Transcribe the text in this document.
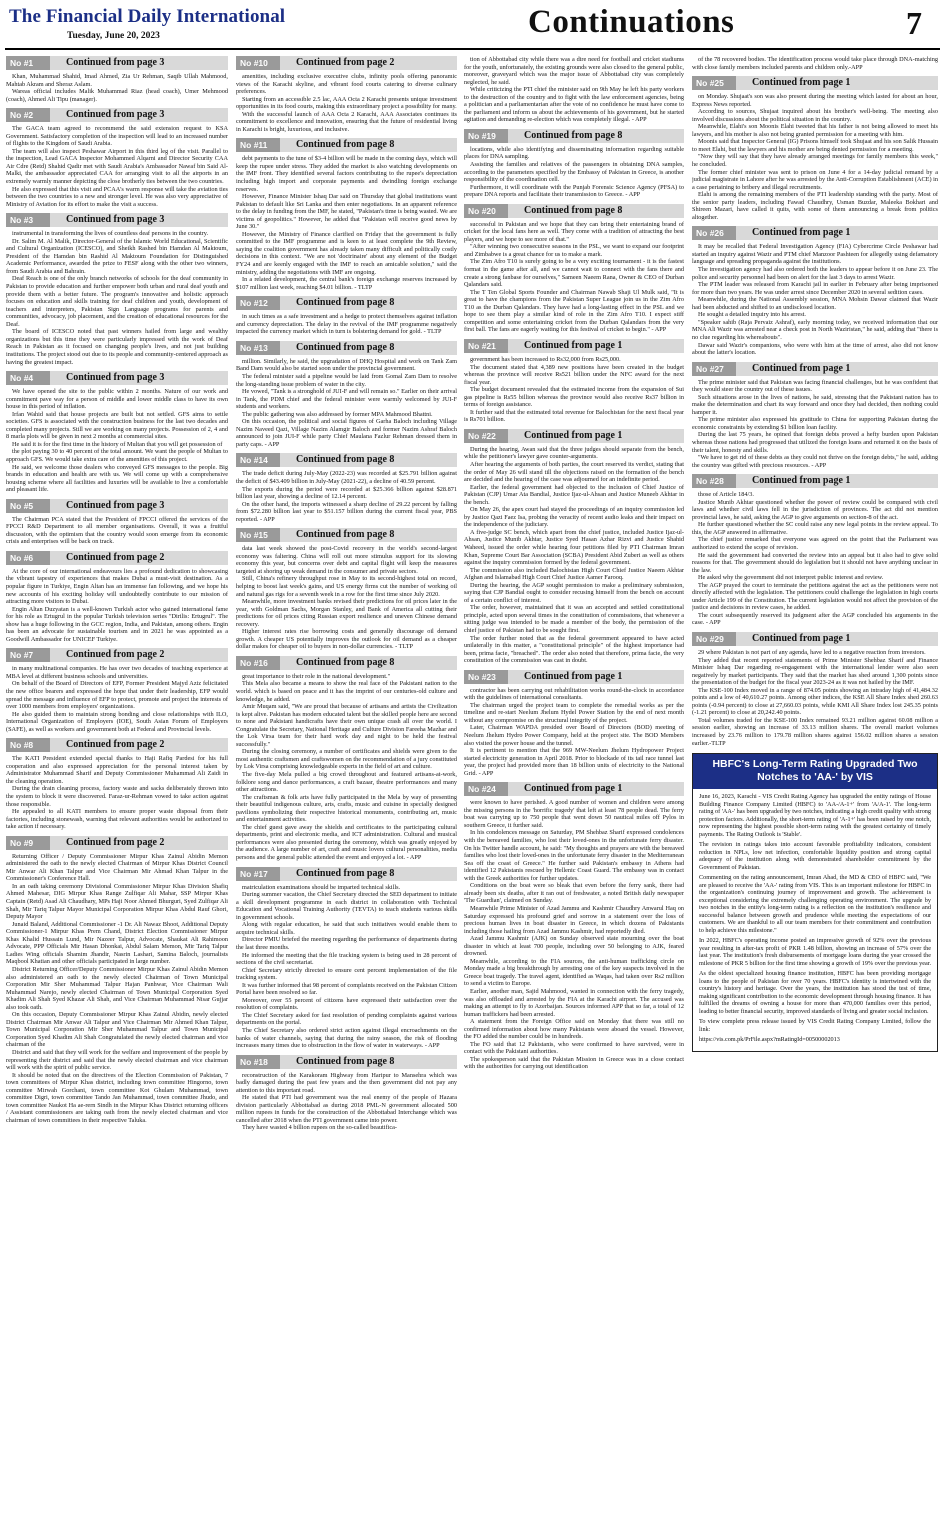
The Financial Daily International
Tuesday, June 20, 2023	Continuations	7
No #1	Continued from page 3

Khan, Muhammad Shahid, Imad Ahmed, Zia Ur Rehman, Saqib Ullah Mahmood, Mahtab Akram and Sheraz Aslam.

Wareas official includes Malik Muhammad Riaz (head coach), Umer Mehmood (coach), Ahmed Ali Tipu (manager).

No #2	Continued from page 3

The GACA team agreed to recommend the said extension request to KSA Government. Satisfactory completion of the inspection will lead to an increased number of flights to the Kingdom of Saudi Arabia.

The team will also inspect Peshawar Airport in this third leg of the visit. Parallel to the inspection, Lead GACA Inspector Mohammed Alqarni and Director Security CAA Air Cdre (Retd) Shahid Qadir met with Saudi Arabia's Ambassador Nawaf bin Said Al-Malki, the ambassador appreciated CAA for arranging visit to all the airports in an extremely warmly manner depicting the close brotherly ties between the two countries.

He also expressed that this visit and PCAA's warm response will take the aviation ties between the two countries to a new and stronger level. He was also very appreciative of Ministry of Aviation for its effort to make the visit a success.

No #3	Continued from page 3

instrumental in transforming the lives of countless deaf persons in the country.

Dr. Salim M. Al Malik, Director-General of the Islamic World Educational, Scientific and Cultural Organization (ICESCO), and Sheikh Rashed bin Hamdan Al Maktoum, President of the Hamdan bin Rashid Al Maktoum Foundation for Distinguished Academic Performance, awarded the prize to FESF along with the other two winners, from Saudi Arabia and Bahrain.

Deaf Reach is one of the only branch networks of schools for the deaf community in Pakistan to provide education and further empower both urban and rural deaf youth and provide them with a better future. The program's innovative and holistic approach focuses on education and skills training for deaf children and youth, development of teachers and interpreters, Pakistan Sign Language programs for parents and communities, advocacy, job placement, and the creation of educational resources for the Deaf.

The board of ICESCO noted that past winners hailed from large and wealthy organizations but this time they were particularly impressed with the work of Deaf Reach in Pakistan as it focused on changing people's lives, and not just building institutions. The project stood out due to its people and community-centered approach as having the greatest impact.

No #4	Continued from page 3

We have opened the site to the public within 2 months. Nature of our work and commitment pave way for a person of middle and lower middle class to have its own house in this period of inflation.

Irfan Wahid said that house projects are built but not settled. GFS aims to settle societies. GFS is associated with the construction business for the last two decades and completed many projects. Still we are working on many projects. Possession of 2, 4 and 8 marla plots will be given in next 2 months at commercial sites.

He said it is for the first time in the history of Multan that you will get possession of

the plot paying 30 to 40 percent of the total amount. We want the people of Multan to approach GFS. We would take extra care of the amenities of this project.

He said, we welcome those dealers who conveyed GFS messages to the people. Big brands in education and health are with us. We will come up with a comprehensive housing scheme where all facilities and luxuries will be available to live a comfortable and pleasant life.

No #5	Continued from page 3

The Chairman PCA stated that the President of FPCCI offered the services of the FPCCI R&D Department to all member organisations. Overall, it was a fruitful discussion, with the optimism that the country would soon emerge from its economic crisis and enterprises will be back on track.

No #6	Continued from page 2

At the core of our international endeavours lies a profound dedication to showcasing the vibrant tapestry of experiences that makes Dubai a must-visit destination. As a popular figure in Turkiye, Engin Altan has an immense fan following, and we hope his new accounts of his exciting holiday will undoubtedly contribute to our mission of attracting more visitors to Dubai.

Engin Altan Duzyatan is a well-known Turkish actor who gained international fame for his role as Ertugrul in the popular Turkish television series "Dirilis: Ertugrul". The show has a huge following in the GCC region, India, and Pakistan, among others. Engin has been an advocate for sustainable tourism and in 2021 he was appointed as a Goodwill Ambassador for UNICEF Turkiye.

No #7	Continued from page 2

in many multinational companies. He has over two decades of teaching experience at MBA level at different business schools and universities.

On behalf of the Board of Directors of EFP, Former President Majyd Aziz felicitated the new office bearers and expressed the hope that under their leadership, EFP would spread the message and influence of EFP to protect, promote and project the interests of over 1000 members from employers' organizations.

He also guided them to maintain strong bonding and close relationships with ILO, International Organization of Employers (IOE), South Asian Forum of Employers (SAFE), as well as workers and government both at Federal and Provincial levels.

No #8	Continued from page 2

The KATI President extended special thanks to Haji Rafiq Pardesi for his full cooperation and also expressed appreciation for the personal interest taken by Administrator Muhammad Sharif and Deputy Commissioner Muhammad Ali Zaidi in the cleaning operation.

During the drain cleaning process, factory waste and sacks deliberately thrown into the system to block it were discovered. Faraz-ur-Rehman vowed to take action against those responsible.

He appealed to all KATI members to ensure proper waste disposal from their factories, including stonewash, warning that relevant authorities would be authorized to take action if necessary.

No #9	Continued from page 2

Returning Officer / Deputy Commissioner Mirpur Khas Zainul Abidin Memon administered the oath to the newly elected Chairman of Mirpur Khas District Council Mir Anwar Ali Khan Talpur and Vice Chairman Mir Ahmad Khan Talpur in the Commissioner's Conference Hall.

In an oath taking ceremony Divisional Commissioner Mirpur Khas Division Shafiq Ahmed Mahesar, DIG Mirpur Khas Range Zulfiqar Ali Mahar, SSP Mirpur Khas Captain (Retd) Asad Ali Chaudhary, MPs Haji Noor Ahmed Bhurguri, Syed Zulfiqar Ali Shah, Mir Tariq Talpur Mayor Municipal Corporation Mirpur Khas Abdul Rauf Ghori, Deputy Mayor

Junaid Baland, Additional Commissioner -1 Dr. Ali Nawaz Bhoot, Additional Deputy Commissioner-1 Mirpur Khas Prem Chand, District Election Commissioner Mirpur Khas Khalid Hussain Lund, Mir Nazeer Talpur, Advocate, Shaukat Ali Rahimoon Advocate, PPP Officials Mir Hasan Dhonkai, Abdul Salam Memon, Mir Tariq Talpur Ladies Wing officials Shamim Jhandir, Nasrin Lashari, Samina Baloch, journalists Maqbool Khatian and other officials participated in large number.

District Returning Officer/Deputy Commissioner Mirpur Khas Zainul Abidin Memon also administered an oath to the newly elected Chairman of Town Municipal Corporation Mir Sher Muhammad Talpur Hajan Panhwar, Vice Chairman Wali Muhammad Narejo, newly elected Chairman of Town Municipal Corporation Syed Khadim Ali Shah Syed Khazar Ali Shah, and Vice Chairman Muhammad Nisar Gujjar also took oath.

On this occasion, Deputy Commissioner Mirpur Khas Zainul Abidin, newly elected District Chairman Mir Anwar Ali Talpur and Vice Chairman Mir Ahmed Khan Talpur, Town Municipal Corporation Mir Sher Muhammad Talpur and Town Municipal Corporation Syed Khadim Ali Shah Congratulated the newly elected chairman and vice chairman of the

District and said that they will work for the welfare and improvement of the people by representing their district and said that the newly elected chairman and vice chairman will work with the spirit of public service.

It should be noted that on the directives of the Election Commission of Pakistan, 7 town committees of Mirpur Khas district, including town committee Hingorno, town committee Mirwah Gorchani, town committee Kot Ghulam Muhammad, town committee Digri, town committee Tando Jan Muhammad, town committee Jhudo, and town committee Naukot Ha ae-rern Sindh in the Mirpur Khas District returning officers / Assistant commissioners are taking oath from the newly elected chairman and vice chairman of town committees in their respective Taluka.

No #10	Continued from page 2

amenities, including exclusive executive clubs, infinity pools offering panoramic views of the Karachi skyline, and vibrant food courts catering to diverse culinary preferences.

Starting from an accessible 2.5 lac, AAA Octa 2 Karachi presents unique investment opportunities in its food courts, making this extraordinary project a possibility for many.

With the successful launch of AAA Octa 2 Karachi, AAA Associates continues its commitment to excellence and innovation, ensuring that the future of residential living in Karachi is bright, luxurious, and inclusive.

No #11	Continued from page 8

debt payments to the tune of $3-4 billion will be made in the coming days, which will keep the rupee under stress. They added the market is also watching developments on the IMF front. They identified several factors contributing to the rupee's depreciation including high import and corporate payments and dwindling foreign exchange reserves.

However, Finance Minister Ishaq Dar said on Thursday that global institutions want Pakistan to default like Sri Lanka and then enter negotiations. In an apparent reference to the delay in funding from the IMF, he stated, "Pakistan's time is being wasted. We are victims of geopolitics." However, he added that "Pakistan will receive good news by June 30."

However, the Ministry of Finance clarified on Friday that the government is fully committed to the IMF programme and is keen to at least complete the 9th Review, saying the coalition government has already taken many difficult and politically costly decisions in this context. "We are not 'doctrinaire' about any element of the Budget FY24 and are keenly engaged with the IMF to reach an amicable solution," said the ministry, adding the negotiations with IMF are ongoing.

In a related development, the central bank's foreign exchange reserves increased by $107 million last week, reaching $4.01 billion. - TLTP

No #12	Continued from page 8

in such times as a safe investment and a hedge to protect themselves against inflation and currency depreciation. The delay in the revival of the IMF programme negatively impacted the currency market which in turn is bolstering demand for gold. - TLTP

No #13	Continued from page 8

million. Similarly, he said, the upgradation of DHQ Hospital and work on Tank Zam Band Dam would also be started soon under the provincial government.

The federal minister said a pipeline would be laid from Gomal Zam Dam to resolve the long-standing issue problem of water in the city.

He vowed, "Tank is a stronghold of JUI-F and will remain so." Earlier on their arrival in Tank, the PDM chief and the federal minister were warmly welcomed by JUI-F students and workers.

The public gathering was also addressed by former MPA Mahmood Bhattni.

On this occasion, the political and social figures of Garha Baloch including Village Nazim Naveed Qazi, Village Nazim Alamgir Baloch and former Nazim Ashraf Baloch announced to join JUI-F while party Chief Maulana Fazlur Rehman dressed them in party caps. - APP

No #14	Continued from page 8

The trade deficit during July-May (2022-23) was recorded at $25.791 billion against the deficit of $43.409 billion in July-May (2021-22), a decline of 40.59 percent.

The exports during the period were recorded at $25.366 billion against $28.871 billion last year, showing a decline of 12.14 percent.

On the other hand, the imports witnessed a sharp decline of 29.22 percent by falling from $72.280 billion last year to $51.157 billion during the current fiscal year, PBS reported. - APP

No #15	Continued from page 8

data last week showed the post-Covid recovery in the world's second-largest economy was faltering. China will roll out more stimulus support for its slowing economy this year, but concerns over debt and capital flight will keep the measures targeted at shoring up weak demand in the consumer and private sectors.

Still, China's refinery throughput rose in May to its second-highest total on record, helping to boost last week's gains, and US energy firms cut the number of working oil and natural gas rigs for a seventh week in a row for the first time since July 2020.

Meanwhile, more investment banks revised their predictions for oil prices later in the year, with Goldman Sachs, Morgan Stanley, and Bank of America all cutting their predictions for oil prices citing Russian export resilience and uneven Chinese demand recovery.

Higher interest rates rise borrowing costs and generally discourage oil demand growth. A cheaper US potentially improves the outlook for oil demand as a cheaper dollar makes for cheaper oil to buyers in non-dollar currencies. - TLTP

No #16	Continued from page 8

great importance to their role in the national development."

This Mela also became a means to show the real face of the Pakistani nation to the world. which is based on peace and it has the imprint of our centuries-old culture and knowledge, he added.

Amir Muqam said, "We are proud that because of artisans and artists the Civilization is kept alive. Pakistan has modern educated talent but the skilled people here are second to none and Pakistani handicrafts have their own unique crash all over the world. I Congratulate the Secretary, National Heritage and Culture Division Fareeha Mazhar and the Lok Virsa team for their hard work day and night to be held the festival successfully."

During the closing ceremony, a number of certificates and shields were given to the most authentic craftsmen and craftswomen on the recommendation of a jury constituted by Lok Virsa comprising knowledgeable experts in the field of art and culture.

The five-day Mela pulled a big crowd throughout and featured artisans-at-work, folklore song and dance performances, a craft bazaar, theatre performances and many other attractions.

The craftsman & folk arts have fully participated in the Mela by way of presenting their beautiful indigenous culture, arts, crafts, music and cuisine in specially designed pavilions symbolizing their respective historical monuments, contributing art, music and entertainment activities.

The chief guest gave away the shields and certificates to the participating cultural departments, print and electronic media, and ICT administration. Cultural and musical performances were also presented during the ceremony, which was greatly enjoyed by the audience. A large number of art, craft and music lovers cultural personalities, media persons and the general public attended the event and enjoyed a lot. - APP

No #17	Continued from page 8

matriculation examinations should be imparted technical skills.

During summer vacation, the Chief Secretary directed the SED department to initiate a skill development programme in each district in collaboration with Technical Education and Vocational Training Authority (TEVTA) to teach students various skills in government schools.

Along with regular education, he said that such initiatives would enable them to acquire technical skills.

Director PMIU briefed the meeting regarding the performance of departments during the last three months.

He informed the meeting that the file tracking system is being used in 28 percent of sections of the civil secretariat.

Chief Secretary strictly directed to ensure cent percent implementation of the file tracking system.

It was further informed that 98 percent of complaints received on the Pakistan Citizen Portal have been resolved so far.

Moreover, over 55 percent of citizens have expressed their satisfaction over the resolution of complaints.

The Chief Secretary asked for fast resolution of pending complaints against various departments on the portal.

The Chief Secretary also ordered strict action against illegal encroachments on the banks of water channels, saying that during the rainy season, the risk of flooding increases many times due to obstruction in the flow of water in waterways. - APP

No #18	Continued from page 8

reconstruction of the Karakoram Highway from Haripur to Mansehra which was badly damaged during the past few years and the then government did not pay any attention to this important road.

He stated that PTI had government was the real enemy of the people of Hazara division particularly Abbottabad as during 2018 PML-N government allocated 500 million rupees in funds for the construction of the Abbottabad Interchange which was cancelled after 2018 when the PTI government came into power.

They have wasted 4 billion rupees on the so-called beautifica-

tion of Abbottabad city while there was a dire need for football and cricket stadiums for the youth, unfortunately, the existing grounds were also closed to the general public, moreover, graveyard which was the major issue of Abbottabad city was completely neglected, he said.

While criticizing the PTI chief the minister said on 9th May he left his party workers to the destruction of the country and to fight with the law enforcement agencies, being a politician and a parliamentarian after the vote of no confidence he must have come to the parliament and inform us about the achievements of his government, but he started agitation and demanding re-election which was completely illegal. - APP

No #19	Continued from page 8

locations, while also identifying and disseminating information regarding suitable places for DNA sampling.

Assisting the families and relatives of the passengers in obtaining DNA samples, according to the parameters specified by the Embassy of Pakistan in Greece, is another responsibility of the coordination cell.

Furthermore, it will coordinate with the Punjab Forensic Science Agency (PFSA) to prepare DNA reports and facilitate their transmission to Greece. - APP

No #20	Continued from page 8

successful in Pakistan and we hope that they can bring their entertaining brand of cricket for the local fans here as well. They come with a tradition of attracting the best players, and we hope to see more of that."

"After winning two consecutive seasons in the PSL, we want to expand our footprint and Zimbabwe is a great chance for us to make a mark.

The Zim Afro T10 is surely going to be a very exciting tournament - it is the fastest format in the game after all, and we cannot wait to connect with the fans there and create a strong fanbase for ourselves," Sameen Naeem Rana, Owner & CEO of Durban Qalandars said.

The T Ten Global Sports Founder and Chairman Nawab Shaji Ul Mulk said, "It is great to have the champions from the Pakistan Super League join us in the Zim Afro T10 as the Durban Qalandars. They have had a long-lasting effect in the PSL and we hope to see them play a similar kind of role in the Zim Afro T10. I expect stiff competition and some entertaining cricket from the Durban Qalandars from the very first ball. The fans are eagerly waiting for this festival of cricket to begin." - APP

No #21	Continued from page 1

government has been increased to Rs32,000 from Rs25,000.

The document stated that 4,389 new positions have been created in the budget whereas the province will receive Rs521 billion under the NFC award for the next fiscal year.

The budget document revealed that the estimated income from the expansion of Sui gas pipeline is Rs55 billion whereas the province would also receive Rs37 billion in terms of foreign assistance.

It further said that the estimated total revenue for Balochistan for the next fiscal year is Rs701 billion.

No #22	Continued from page 1

During the hearing, Awan said that the three judges should separate from the bench, while the petitioner's lawyer gave counter-arguments.

After hearing the arguments of both parties, the court reserved its verdict, stating that the order of May 26 will stand till the objections raised on the formation of the bench are decided and the hearing of the case was adjourned for an indefinite period.

Earlier, the federal government had objected to the inclusion of Chief Justice of Pakistan (CJP) Umar Ata Bandial, Justice Ijaz-ul-Ahsan and Justice Muneeb Akhtar in the bench.

On May 26, the apex court had stayed the proceedings of an inquiry commission led by Justice Qazi Faez Isa, probing the veracity of recent audio leaks and their impact on the independence of the judiciary.

A five-judge SC bench, which apart from the chief justice, included Justice Ijaz-ul-Ahsan, Justice Munib Akhtar, Justice Syed Hasan Azhar Rizvi and Justice Shahid Waheed, issued the order while hearing four petitions filed by PTI Chairman Imran Khan, Supreme Court Bar Association (SCBA) President Abid Zuberi as well as others against the inquiry commission formed by the federal government.

The commission also included Balochistan High Court Chief Justice Naeem Akhtar Afghan and Islamabad High Court Chief Justice Aamer Farooq.

During the hearing, the AGP sought permission to make a preliminary submission, saying that CJP Bandial ought to consider recusing himself from the bench on account of a certain conflict of interest.

The order, however, maintained that it was an accepted and settled constitutional principle, acted upon several times in the constitution of commissions, that whenever a sitting judge was intended to be made a member of the body, the permission of the chief justice of Pakistan had to be sought first.

The order further noted that as the federal government appeared to have acted unilaterally in this matter, a "constitutional principle" of the highest importance had been, prima facie, "breached". The order also noted that therefore, prima facie, the very constitution of the commission was cast in doubt.

No #23	Continued from page 1

contractor has been carrying out rehabilitation works round-the-clock in accordance with the guidelines of international consultants.

The chairman urged the project team to complete the remedial works as per the timeline and re-start Neelum Jhelum Hydel Power Station by the end of next month without any compromise on the structural integrity of the project.

Later, Chairman WAPDA presided over Board of Directors (BOD) meeting of Neelum Jhelum Hydro Power Company, held at the project site. The BOD Members also visited the power house and the tunnel.

It is pertinent to mention that the 969 MW-Neelum Jhelum Hydropower Project started electricity generation in April 2018. Prior to blockade of its tail race tunnel last year, the project had provided more than 18 billion units of electricity to the National Grid. - APP

No #24	Continued from page 1

were known to have perished. A good number of women and children were among the missing persons in the 'horrific tragedy' that left at least 78 people dead. The ferry boat was carrying up to 750 people that went down 50 nautical miles off Pylos in southern Greece, it further said.

In his condolences message on Saturday, PM Shehbaz Sharif expressed condolences with the bereaved families, who lost their loved-ones in the unfortunate ferry disaster. On his Twitter handle account, he said: "My thoughts and prayers are with the bereaved families who lost their loved-ones in the unfortunate ferry disaster in the Mediterranean Sea off the coast of Greece." He further said Pakistan's embassy in Athens had identified 12 Pakistanis rescued by Hellenic Coast Guard. The embassy was in contact with the Greek authorities for further updates.

Conditions on the boat were so bleak that even before the ferry sank, there had already been six deaths, after it ran out of freshwater, a noted British daily newspaper 'The Guardian', claimed on Sunday.

Meanwhile Prime Minister of Azad Jammu and Kashmir Chaudhry Anwarul Haq on Saturday expressed his profound grief and sorrow in a statement over the loss of precious human lives in boat disaster in Greece, in which dozens of Pakistanis including those hailing from Azad Jammu Kashmir, had reportedly died.

Azad Jammu Kashmir (AJK) on Sunday observed state mourning over the boat disaster in which at least 700 people, including over 50 belonging to AJK, feared drowned.

Meanwhile, according to the FIA sources, the anti-human trafficking circle on Monday made a big breakthrough by arresting one of the key suspects involved in the Greece boat tragedy. The travel agent, identified as Waqas, had taken over Rs2 million to send a victim to Europe.

Earlier, another man, Sajid Mahmood, wanted in connection with the ferry tragedy, was also offloaded and arrested by the FIA at the Karachi airport. The accused was making an attempt to fly to Azerbaijan. Sources informed APP that so far, a total of 12 human traffickers had been arrested.

A statement from the Foreign Office said on Monday that there was still no confirmed information about how many Pakistanis were aboard the vessel. However, the FO added the number could be in hundreds.

The FO said that 12 Pakistanis, who were confirmed to have survived, were in contact with the Pakistani authorities.

The spokesperson said that the Pakistan Mission in Greece was in a close contact with the authorities for carrying out identification

of the 78 recovered bodies. The identification process would take place through DNA-matching with close family members included parents and children only.-APP

No #25	Continued from page 1

on Monday. Shujaat's son was also present during the meeting which lasted for about an hour, Express News reported.

According to sources, Shujaat inquired about his brother's well-being. The meeting also involved discussions about the political situation in the country.

Meanwhile, Elahi's son Moonis Elahi tweeted that his father is not being allowed to meet his lawyers, and his mother is also not being granted permission for a meeting with him.

Moonis said that Inspector General (IG) Prisons himself took Shujaat and his son Salik Hussain to meet Elahi, but the lawyers and his mother are being denied permission for a meeting.

"Now they will say that they have already arranged meetings for family members this week," he concluded.

The former chief minister was sent to prison on June 4 for a 14-day judicial remand by a judicial magistrate in Lahore after he was arrested by the Anti-Corruption Establishment (ACE) in a case pertaining to bribery and illegal recruitments.

Elahi is among the remaining members of the PTI leadership standing with the party. Most of the senior party leaders, including Fawad Chaudhry, Usman Buzdar, Maleeka Bokhari and Shireen Mazari, have called it quits, with some of them announcing a break from politics altogether.

No #26	Continued from page 1

It may be recalled that Federal Investigation Agency (FIA) Cybercrime Circle Peshawar had started an inquiry against Wazir and PTM chief Manzoor Pashteen for allegedly using defamatory language and spreading propaganda against the institutions.

The investigation agency had also ordered both the leaders to appear before it on June 23. The police and security personnel had been on alert for the last 3 days to arrest Wazir.

The PTM leader was released from Karachi jail in earlier in February after being imprisoned for more than two years. He was under arrest since December 2020 in several sedition cases.

Meanwhile, during the National Assembly session, MNA Mohsin Dawar claimed that Wazir had been abducted and shifted to an undisclosed location.

He sought a detailed inquiry into his arrest.

"Speaker sahib (Raja Pervaiz Ashraf), early morning today, we received information that our MNA Ali Wazir was arrested near a check post in North Waziristan," he said, adding that "there is no clue regarding his whereabouts".

Dawar said Wazir's companions, who were with him at the time of arrest, also did not know about the latter's location.

No #27	Continued from page 1

The prime minister said that Pakistan was facing financial challenges, but he was confident that they would steer the country out of these issues.

Such situations arose in the lives of nations, he said, stressing that the Pakistani nation has to make the determination and chart its way forward and once they had decided, then nothing could hamper it.

The prime minister also expressed his gratitude to China for supporting Pakistan during the economic constraints by extending $1 billion loan facility.

During the last 75 years, he opined that foreign debts proved a hefty burden upon Pakistan whereas those nations had progressed that utilized the foreign loans and returned it on the basis of their talent, honesty and skills.

"We have to get rid of these debts as they could not thrive on the foreign debts," he said, adding the country was gifted with precious resources. - APP

No #28	Continued from page 1

those of Article 184/3.

Justice Munib Akhtar questioned whether the power of review could be compared with civil laws and whether civil laws fell in the jurisdiction of provinces. The act did not mention provincial laws, he said, asking the AGP to give arguments on section-8 of the act.

He further questioned whether the SC could raise any new legal points in the review appeal. To this, the AGP answered in affirmative.

The chief justice remarked that everyone was agreed on the point that the Parliament was authorized to extend the scope of revision.

He said the government had converted the review into an appeal but it also had to give solid reasons for that. The government should do legislation but it should not have anything unclear in the law.

He asked why the government did not interpret public interest and review.

The AGP prayed the court to terminate the petitions against the act as the petitioners were not directly affected with the legislation. The petitioners could challenge the legislation in high courts under Article 199 of the Constitution. The current legislation would not affect the provision of the justice and decisions in review cases, he added.

The court subsequently reserved its judgment after the AGP concluded his arguments in the case. - APP

No #29	Continued from page 1

29 where Pakistan is not part of any agenda, have led to a negative reaction from investors.

They added that recent reported statements of Prime Minister Shehbaz Sharif and Finance Minister Ishaq Dar regarding re-engagement with the international lender were also seen negatively by market participants. They said that the market has shed around 1,300 points since the presentation of the budget for the fiscal year 2023-24 as it was not hailed by the IMF.

The KSE-100 Index moved in a range of 874.05 points showing an intraday high of 41,484.32 points and a low of 40,610.27 points. Among other indices, the KSE All Share Index shed 260.63 points (-0.94 percent) to close at 27,660.03 points, while KMI All Share Index lost 245.35 points (-1.21 percent) to close at 20,242.40 points.

Total volumes traded for the KSE-100 Index remained 93.21 million against 60.08 million a session earlier, showing an increase of 33.13 million shares. The overall market volumes increased by 23.76 million to 179.78 million shares against 156.02 million shares a session earlier.-TLTP

HBFC's Long-Term Rating Upgraded Two Notches to 'AA-' by VIS

June 16, 2023, Karachi - VIS Credit Rating Agency has upgraded the entity ratings of House Building Finance Company Limited (HBFC) to 'AA-/A-1+' from 'A/A-1'. The long-term rating of 'AA-' has been upgraded by two notches, indicating a high credit quality with strong protection factors. Additionally, the short-term rating of 'A-1+' has been raised by one notch, now representing the highest possible short-term rating with the greatest certainty of timely payments. The Rating Outlook is 'Stable'.

The revision in ratings takes into account favorable profitability indicators, consistent reduction in NPLs, low net infection, comfortable liquidity position and strong capital adequacy of the institution along with demonstrated shareholder commitment by the Government of Pakistan.

Commenting on the rating announcement, Imran Ahad, the MD & CEO of HBFC said, "We are pleased to receive the 'AA-' rating from VIS. This is an important milestone for HBFC in the organization's continuing journey of improvement and growth. The achievement is exceptional considering the extremely challenging operating environment. The upgrade by two notches in the entity's long-term rating is a reflection on the institution's resilience and successful balance between growth and prudence while meeting the expectations of our customers. We are thankful to all our team members for their commitment and contribution to help achieve this milestone."

In 2022, HBFC's operating income posted an impressive growth of 92% over the previous year resulting in after-tax profit of PKR 1.48 billion, showing an increase of 57% over the last year. The institution's fresh disbursements of mortgage loans during the year crossed the milestone of PKR 5 billion for the first time showing a growth of 19% over the previous year.

As the oldest specialized housing finance institution, HBFC has been providing mortgage loans to the people of Pakistan for over 70 years. HBFC's identity is intertwined with the country's history and heritage. Over the years, the institution has stood the test of time, making significant contribution to the economic development through housing finance. It has fulfilled the dreams of owning a house for more than 470,000 families over this period, leading to better financial security, improved standards of living and greater social inclusion.

To view complete press release issued by VIS Credit Rating Company Limited, follow the link:

https://vis.com.pk/PrFile.aspx?mRatingId=00500002013
